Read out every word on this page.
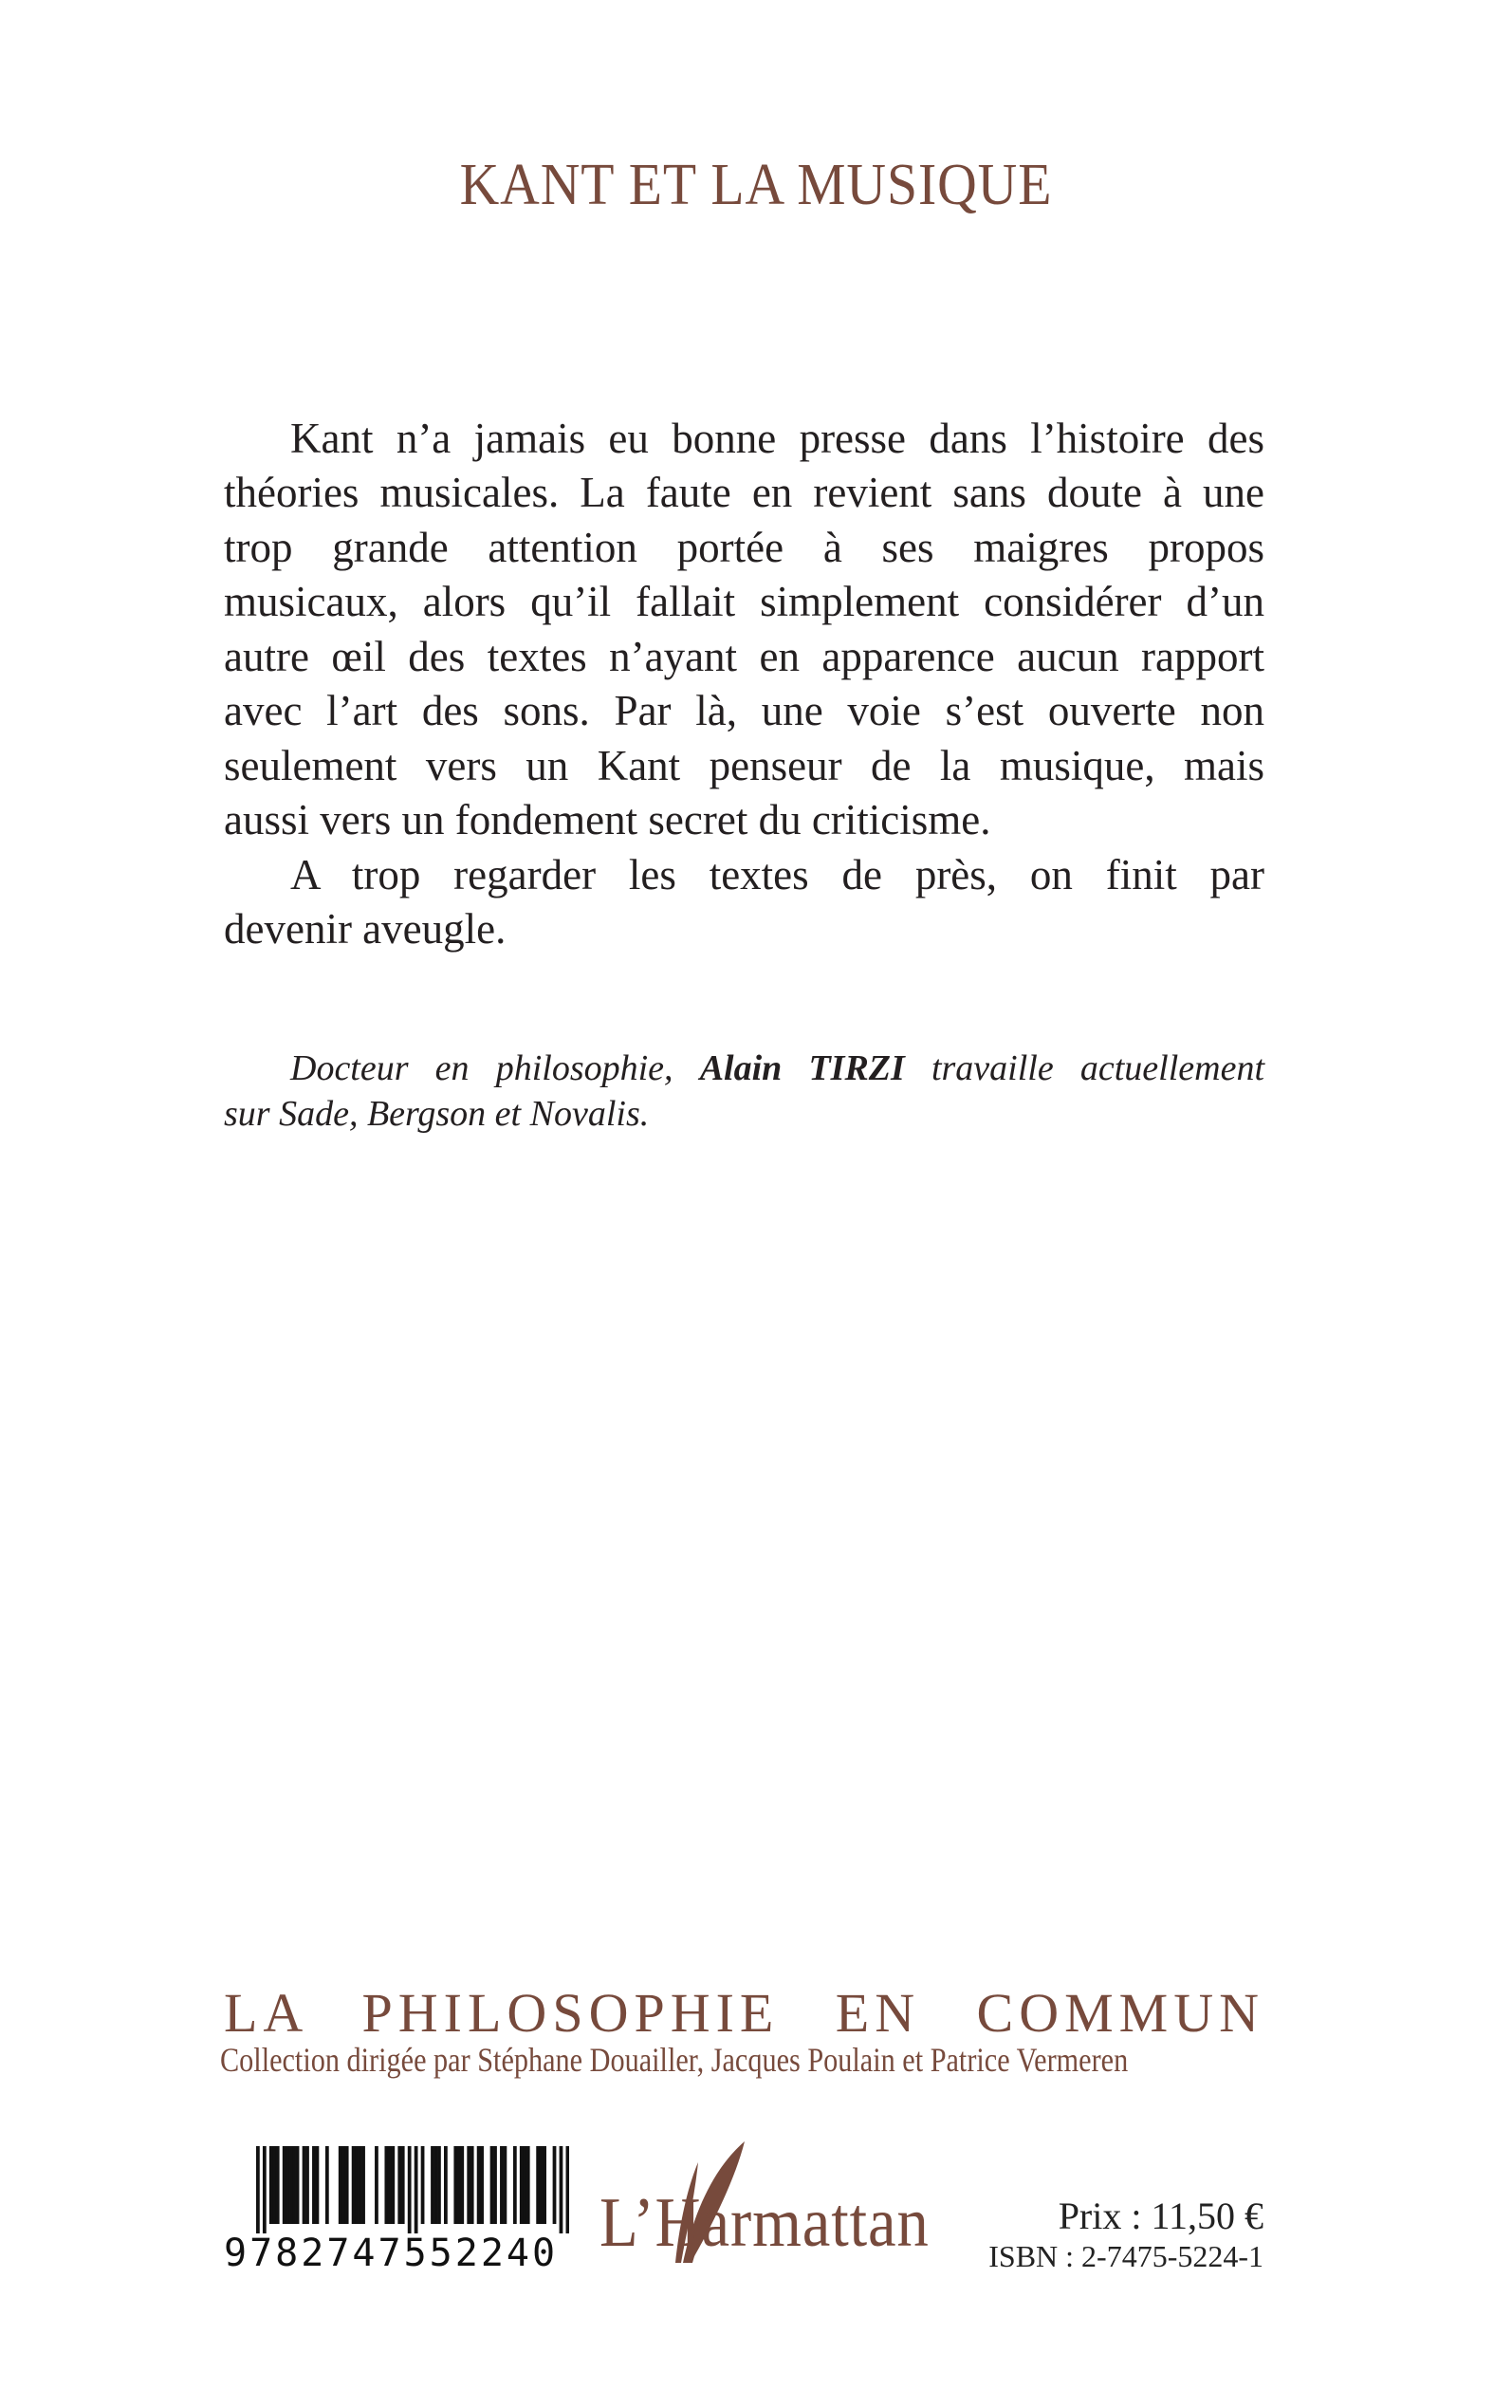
KANT ET LA MUSIQUE
Kant n’a jamais eu bonne presse dans l’histoire des
théories musicales. La faute en revient sans doute à une
trop grande attention portée à ses maigres propos
musicaux, alors qu’il fallait simplement considérer d’un
autre œil des textes n’ayant en apparence aucun rapport
avec l’art des sons. Par là, une voie s’est ouverte non
seulement vers un Kant penseur de la musique, mais
aussi vers un fondement secret du criticisme.
A trop regarder les textes de près, on finit par
devenir aveugle.
Docteur en philosophie, Alain TIRZI travaille actuellement
sur Sade, Bergson et Novalis.
LA PHILOSOPHIE EN COMMUN
Collection dirigée par Stéphane Douailler, Jacques Poulain et Patrice Vermeren
9782747552240 L’Harmattan	Prix : 11,50 €
ISBN : 2-7475-5224-1
